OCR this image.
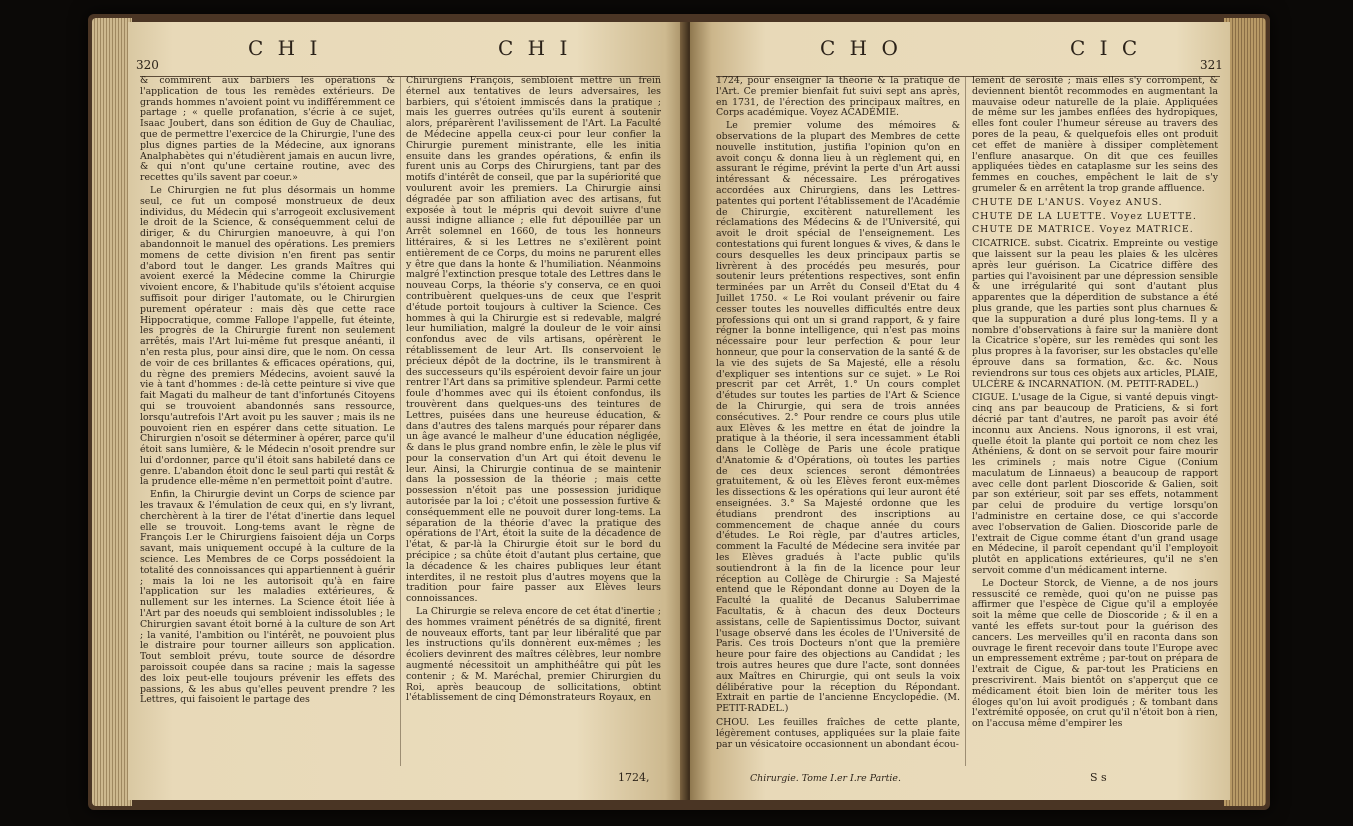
320
C H I	C H I

& commirent aux barbiers les opérations & l'application de tous les remèdes extérieurs. De grands hommes n'avoient point vu indifféremment ce partage ; « quelle profanation, s'écrie à ce sujet, Isaac Joubert, dans son édition de Guy de Chauliac, que de permettre l'exercice de la Chirurgie, l'une des plus dignes parties de la Médecine, aux ignorans Analphabètes qui n'étudièrent jamais en aucun livre, & qui n'ont qu'une certaine routine, avec des recettes qu'ils savent par coeur.»

Le Chirurgien ne fut plus désormais un homme seul, ce fut un composé monstrueux de deux individus, du Médecin qui s'arrogeoit exclusivement le droit de la Science, & conséquemment celui de diriger, & du Chirurgien manoeuvre, à qui l'on abandonnoit le manuel des opérations. Les premiers momens de cette division n'en firent pas sentir d'abord tout le danger. Les grands Maîtres qui avoient exercé la Médecine comme la Chirurgie vivoient encore, & l'habitude qu'ils s'étoient acquise suffisoit pour diriger l'automate, ou le Chirurgien purement opérateur : mais dès que cette race Hippocratique, comme Fallope l'appelle, fut éteinte, les progrès de la Chirurgie furent non seulement arrêtés, mais l'Art lui-même fut presque anéanti, il n'en resta plus, pour ainsi dire, que le nom. On cessa de voir de ces brillantes & efficaces opérations, qui, du règne des premiers Médecins, avoient sauvé la vie à tant d'hommes : de-là cette peinture si vive que fait Magati du malheur de tant d'infortunés Citoyens qui se trouvoient abandonnés sans ressource, lorsqu'autrefois l'Art avoit pu les sauver ; mais ils ne pouvoient rien en espérer dans cette situation. Le Chirurgien n'osoit se déterminer à opérer, parce qu'il étoit sans lumière, & le Médecin n'osoit prendre sur lui d'ordonner, parce qu'il étoit sans habileté dans ce genre. L'abandon étoit donc le seul parti qui restât & la prudence elle-même n'en permettoit point d'autre.

Enfin, la Chirurgie devint un Corps de science par les travaux & l'émulation de ceux qui, en s'y livrant, cherchèrent à la tirer de l'état d'inertie dans lequel elle se trouvoit. Long-tems avant le règne de François I.er le Chirurgiens faisoient déja un Corps savant, mais uniquement occupé à la culture de la science. Les Membres de ce Corps possédoient la totalité des connoissances qui appartiennent à guérir ; mais la loi ne les autorisoit qu'à en faire l'application sur les maladies extérieures, & nullement sur les internes. La Science étoit liée à l'Art par des noeuds qui sembloient indissolubles ; le Chirurgien savant étoit borné à la culture de son Art ; la vanité, l'ambition ou l'intérêt, ne pouvoient plus le distraire pour tourner ailleurs son application. Tout sembloit prévu, toute source de désordre paroissoit coupée dans sa racine ; mais la sagesse des loix peut-elle toujours prévenir les effets des passions, & les abus qu'elles peuvent prendre ? les Lettres, qui faisoient le partage des

Chirurgiens François, sembloient mettre un frein éternel aux tentatives de leurs adversaires, les barbiers, qui s'étoient immiscés dans la pratique ; mais les guerres outrées qu'ils eurent à soutenir alors, préparèrent l'avilissement de l'Art. La Faculté de Médecine appella ceux-ci pour leur confier la Chirurgie purement ministrante, elle les initia ensuite dans les grandes opérations, & enfin ils furent unis au Corps des Chirurgiens, tant par des motifs d'intérêt de conseil, que par la supériorité que voulurent avoir les premiers. La Chirurgie ainsi dégradée par son affiliation avec des artisans, fut exposée à tout le mépris qui devoit suivre d'une aussi indigne alliance ; elle fut dépouillée par un Arrêt solemnel en 1660, de tous les honneurs littéraires, & si les Lettres ne s'exilèrent point entièrement de ce Corps, du moins ne parurent elles y être que dans la honte & l'humiliation. Néanmoins malgré l'extinction presque totale des Lettres dans le nouveau Corps, la théorie s'y conserva, ce en quoi contribuèrent quelques-uns de ceux que l'esprit d'étude portoit toujours à cultiver la Science. Ces hommes à qui la Chirurgie est si redevable, malgré leur humiliation, malgré la douleur de le voir ainsi confondus avec de vils artisans, opérèrent le rétablissement de leur Art. Ils conservoient le précieux dépôt de la doctrine, ils le transmirent à des successeurs qu'ils espéroient devoir faire un jour rentrer l'Art dans sa primitive splendeur. Parmi cette foule d'hommes avec qui ils étoient confondus, ils trouvèrent dans quelques-uns des teintures de Lettres, puisées dans une heureuse éducation, & dans d'autres des talens marqués pour réparer dans un âge avancé le malheur d'une éducation négligée, & dans le plus grand nombre enfin, le zèle le plus vif pour la conservation d'un Art qui étoit devenu le leur. Ainsi, la Chirurgie continua de se maintenir dans la possession de la théorie ; mais cette possession n'étoit pas une possession juridique autorisée par la loi ; c'étoit une possession furtive & conséquemment elle ne pouvoit durer long-tems. La séparation de la théorie d'avec la pratique des opérations de l'Art, étoit la suite de la décadence de l'état, & par-là la Chirurgie étoit sur le bord du précipice ; sa chûte étoit d'autant plus certaine, que la décadence & les chaires publiques leur étant interdites, il ne restoit plus d'autres moyens que la tradition pour faire passer aux Elèves leurs connoissances.

La Chirurgie se releva encore de cet état d'inertie ; des hommes vraiment pénétrés de sa dignité, firent de nouveaux efforts, tant par leur libéralité que par les instructions qu'ils donnèrent eux-mêmes ; les écoliers devinrent des maîtres célèbres, leur nombre augmenté nécessitoit un amphithéâtre qui pût les contenir ; & M. Maréchal, premier Chirurgien du Roi, après beaucoup de sollicitations, obtint l'établissement de cinq Démonstrateurs Royaux, en

1724,
C H O	C I C
321

1724, pour enseigner la théorie & la pratique de l'Art. Ce premier bienfait fut suivi sept ans après, en 1731, de l'érection des principaux maîtres, en Corps académique. Voyez ACADÉMIE.

Le premier volume des mémoires & observations de la plupart des Membres de cette nouvelle institution, justifia l'opinion qu'on en avoit conçu & donna lieu à un règlement qui, en assurant le régime, prévint la perte d'un Art aussi intéressant & nécessaire. Les prérogatives accordées aux Chirurgiens, dans les Lettres-patentes qui portent l'établissement de l'Académie de Chirurgie, excitèrent naturellement les réclamations des Médecins & de l'Université, qui avoit le droit spécial de l'enseignement. Les contestations qui furent longues & vives, & dans le cours desquelles les deux principaux partis se livrèrent à des procédés peu mesurés, pour soutenir leurs prétentions respectives, sont enfin terminées par un Arrêt du Conseil d'Etat du 4 Juillet 1750. « Le Roi voulant prévenir ou faire cesser toutes les nouvelles difficultés entre deux professions qui ont un si grand rapport, & y faire régner la bonne intelligence, qui n'est pas moins nécessaire pour leur perfection & pour leur honneur, que pour la conservation de la santé & de la vie des sujets de Sa Majesté, elle a résolu d'expliquer ses intentions sur ce sujet. » Le Roi prescrit par cet Arrêt, 1.° Un cours complet d'études sur toutes les parties de l'Art & Science de la Chirurgie, qui sera de trois années consécutives. 2.° Pour rendre ce cours plus utile aux Elèves & les mettre en état de joindre la pratique à la théorie, il sera incessamment établi dans le Collège de Paris une école pratique d'Anatomie & d'Opérations, où toutes les parties de ces deux sciences seront démontrées gratuitement, & où les Elèves feront eux-mêmes les dissections & les opérations qui leur auront été enseignées. 3.° Sa Majesté ordonne que les étudians prendront des inscriptions au commencement de chaque année du cours d'études. Le Roi règle, par d'autres articles, comment la Faculté de Médecine sera invitée par les Elèves gradués à l'acte public qu'ils soutiendront à la fin de la licence pour leur réception au Collège de Chirurgie : Sa Majesté entend que le Répondant donne au Doyen de la Faculté la qualité de Decanus Saluberrimae Facultatis, & à chacun des deux Docteurs assistans, celle de Sapientissimus Doctor, suivant l'usage observé dans les écoles de l'Université de Paris. Ces trois Docteurs n'ont que la première heure pour faire des objections au Candidat ; les trois autres heures que dure l'acte, sont données aux Maîtres en Chirurgie, qui ont seuls la voix délibérative pour la réception du Répondant. Extrait en partie de l'ancienne Encyclopédie. (M. PETIT-RADEL.)

CHOU. Les feuilles fraîches de cette plante, légèrement contuses, appliquées sur la plaie faite par un vésicatoire occasionnent un abondant écou-

lement de sérosité ; mais elles s'y corrompent, & deviennent bientôt recommodes en augmentant la mauvaise odeur naturelle de la plaie. Appliquées de même sur les jambes enflées des hydropiques, elles font couler l'humeur séreuse au travers des pores de la peau, & quelquefois elles ont produit cet effet de manière à dissiper complètement l'enflure anasarque. On dit que ces feuilles appliquées tièdes en cataplasme sur les seins des femmes en couches, empêchent le lait de s'y grumeler & en arrêtent la trop grande affluence.

CHUTE DE L'ANUS. Voyez ANUS.

CHUTE DE LA LUETTE. Voyez LUETTE.

CHUTE DE MATRICE. Voyez MATRICE.

CICATRICE. subst. Cicatrix. Empreinte ou vestige que laissent sur la peau les plaies & les ulcères après leur guérison. La Cicatrice diffère des parties qui l'avoisinent par une dépression sensible & une irrégularité qui sont d'autant plus apparentes que la déperdition de substance a été plus grande, que les parties sont plus charnues & que la suppuration a duré plus long-tems. Il y a nombre d'observations à faire sur la manière dont la Cicatrice s'opère, sur les remèdes qui sont les plus propres à la favoriser, sur les obstacles qu'elle éprouve dans sa formation, &c. &c. Nous reviendrons sur tous ces objets aux articles, PLAIE, ULCÈRE & INCARNATION. (M. PETIT-RADEL.)

CIGUE. L'usage de la Cigue, si vanté depuis vingt-cinq ans par beaucoup de Praticiens, & si fort décrié par tant d'autres, ne paroît pas avoir été inconnu aux Anciens. Nous ignorons, il est vrai, quelle étoit la plante qui portoit ce nom chez les Athéniens, & dont on se servoit pour faire mourir les criminels ; mais notre Cigue (Conium maculatum de Linnaeus) a beaucoup de rapport avec celle dont parlent Dioscoride & Galien, soit par son extérieur, soit par ses effets, notamment par celui de produire du vertige lorsqu'on l'administre en certaine dose, ce qui s'accorde avec l'observation de Galien. Dioscoride parle de l'extrait de Cigue comme étant d'un grand usage en Médecine, il paroît cependant qu'il l'employoit plutôt en applications extérieures, qu'il ne s'en servoit comme d'un médicament interne.

Le Docteur Storck, de Vienne, a de nos jours ressuscité ce remède, quoi qu'on ne puisse pas affirmer que l'espèce de Cigue qu'il a employée soit la même que celle de Dioscoride ; & il en a vanté les effets sur-tout pour la guérison des cancers. Les merveilles qu'il en raconta dans son ouvrage le firent recevoir dans toute l'Europe avec un empressement extrême ; par-tout on prépara de l'extrait de Cigue, & par-tout les Praticiens en prescrivirent. Mais bientôt on s'apperçut que ce médicament étoit bien loin de mériter tous les éloges qu'on lui avoit prodigués ; & tombant dans l'extrémité opposée, on crut qu'il n'étoit bon à rien, on l'accusa même d'empirer les

Chirurgie. Tome I.er I.re Partie.	S s
